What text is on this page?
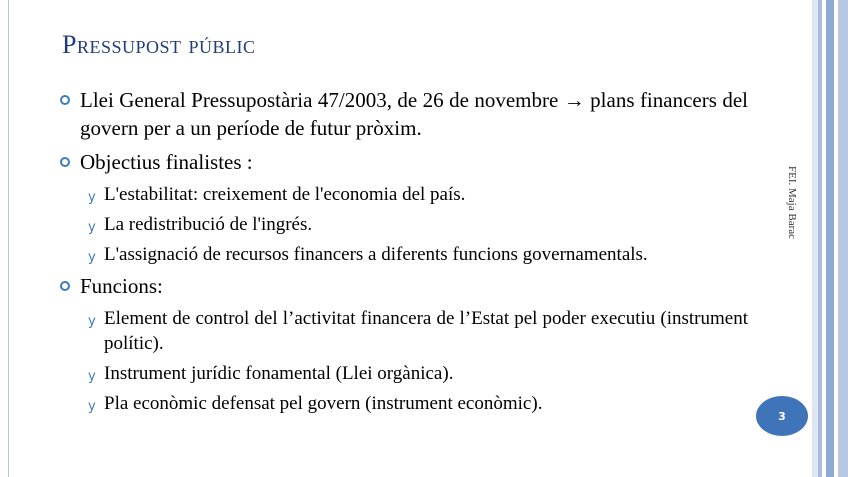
Pressupost públic
Llei General Pressupostària 47/2003, de 26 de novembre → plans financers del govern per a un període de futur pròxim.
Objectius finalistes :
y L'estabilitat: creixement de l'economia del país.
y La redistribució de l'ingrés.
y L'assignació de recursos financers a diferents funcions governamentals.
Funcions:
y Element de control del l’activitat financera de l’Estat pel poder executiu (instrument polític).
y Instrument jurídic fonamental (Llei orgànica).
y Pla econòmic defensat pel govern (instrument econòmic).
FEI. Maja Barac
3
